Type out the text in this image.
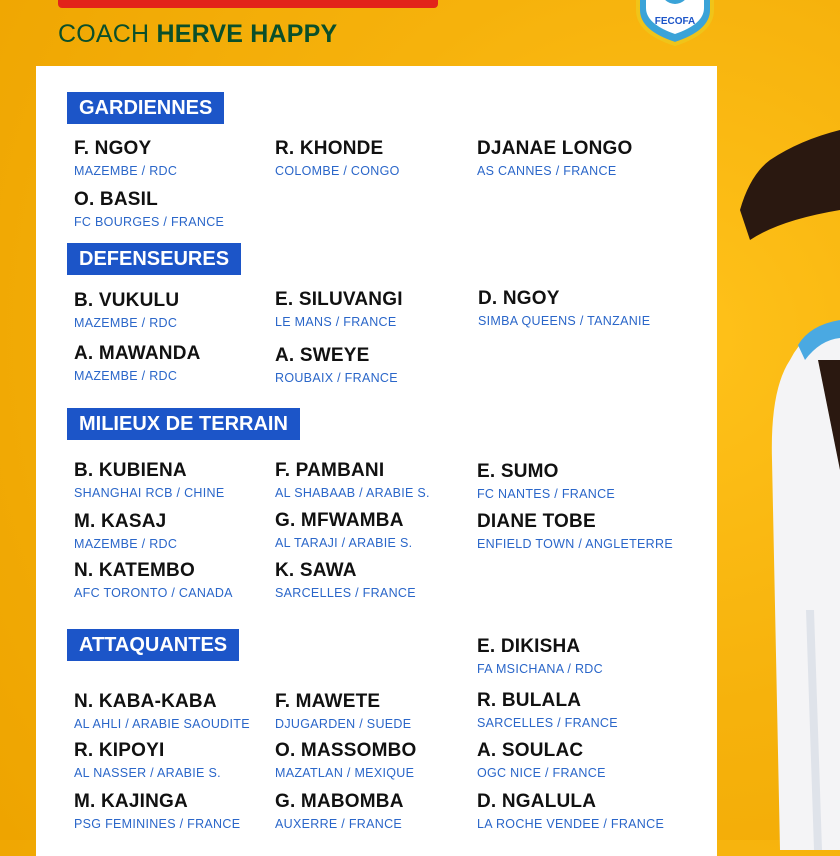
COACH HERVE HAPPY	FECOFA
GARDIENNES
F. NGOY
MAZEMBE / RDC
R. KHONDE
COLOMBE / CONGO
DJANAE LONGO
AS CANNES / FRANCE
O. BASIL
FC BOURGES / FRANCE
DEFENSEURES
B. VUKULU
MAZEMBE / RDC
E. SILUVANGI
LE MANS / FRANCE
D. NGOY
SIMBA QUEENS / TANZANIE
A. MAWANDA
MAZEMBE / RDC
A. SWEYE
ROUBAIX / FRANCE
MILIEUX DE TERRAIN
B. KUBIENA
SHANGHAI RCB / CHINE
F. PAMBANI
AL SHABAAB / ARABIE S.
E. SUMO
FC NANTES / FRANCE
M. KASAJ
MAZEMBE / RDC
G. MFWAMBA
AL TARAJI / ARABIE S.
DIANE TOBE
ENFIELD TOWN / ANGLETERRE
N. KATEMBO
AFC TORONTO / CANADA
K. SAWA
SARCELLES / FRANCE
ATTAQUANTES	E. DIKISHA
FA MSICHANA / RDC
N. KABA-KABA
AL AHLI / ARABIE SAOUDITE
F. MAWETE
DJUGARDEN / SUEDE
R. BULALA
SARCELLES / FRANCE
R. KIPOYI
AL NASSER / ARABIE S.
O. MASSOMBO
MAZATLAN / MEXIQUE
A. SOULAC
OGC NICE / FRANCE
M. KAJINGA
PSG FEMININES / FRANCE
G. MABOMBA
AUXERRE / FRANCE
D. NGALULA
LA ROCHE VENDEE / FRANCE
